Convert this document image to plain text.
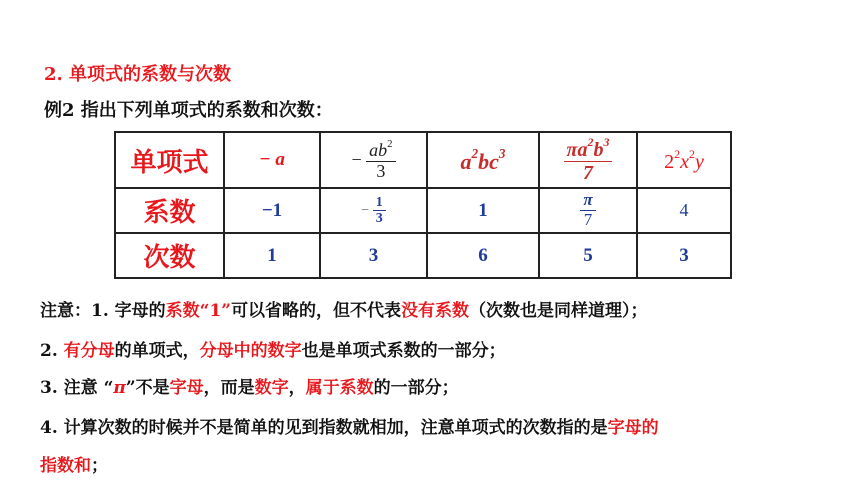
2. 单项式的系数与次数
例2 指出下列单项式的系数和次数：
单项式	− a	− $\frac{ab^2}{3}$	$a^2bc^3$	$\frac{\pi a^2b^3}{7}$	$2^2x^2y$
系数	−1	− $\frac{1}{3}$	1	$\frac{\pi}{7}$	4
次数	1	3	6	5	3
注意：1. 字母的系数“1”可以省略的，但不代表没有系数（次数也是同样道理）；
2. 有分母的单项式，分母中的数字也是单项式系数的一部分；
3. 注意 “π”不是字母，而是数字，属于系数的一部分；
4. 计算次数的时候并不是简单的见到指数就相加，注意单项式的次数指的是字母的
指数和；
